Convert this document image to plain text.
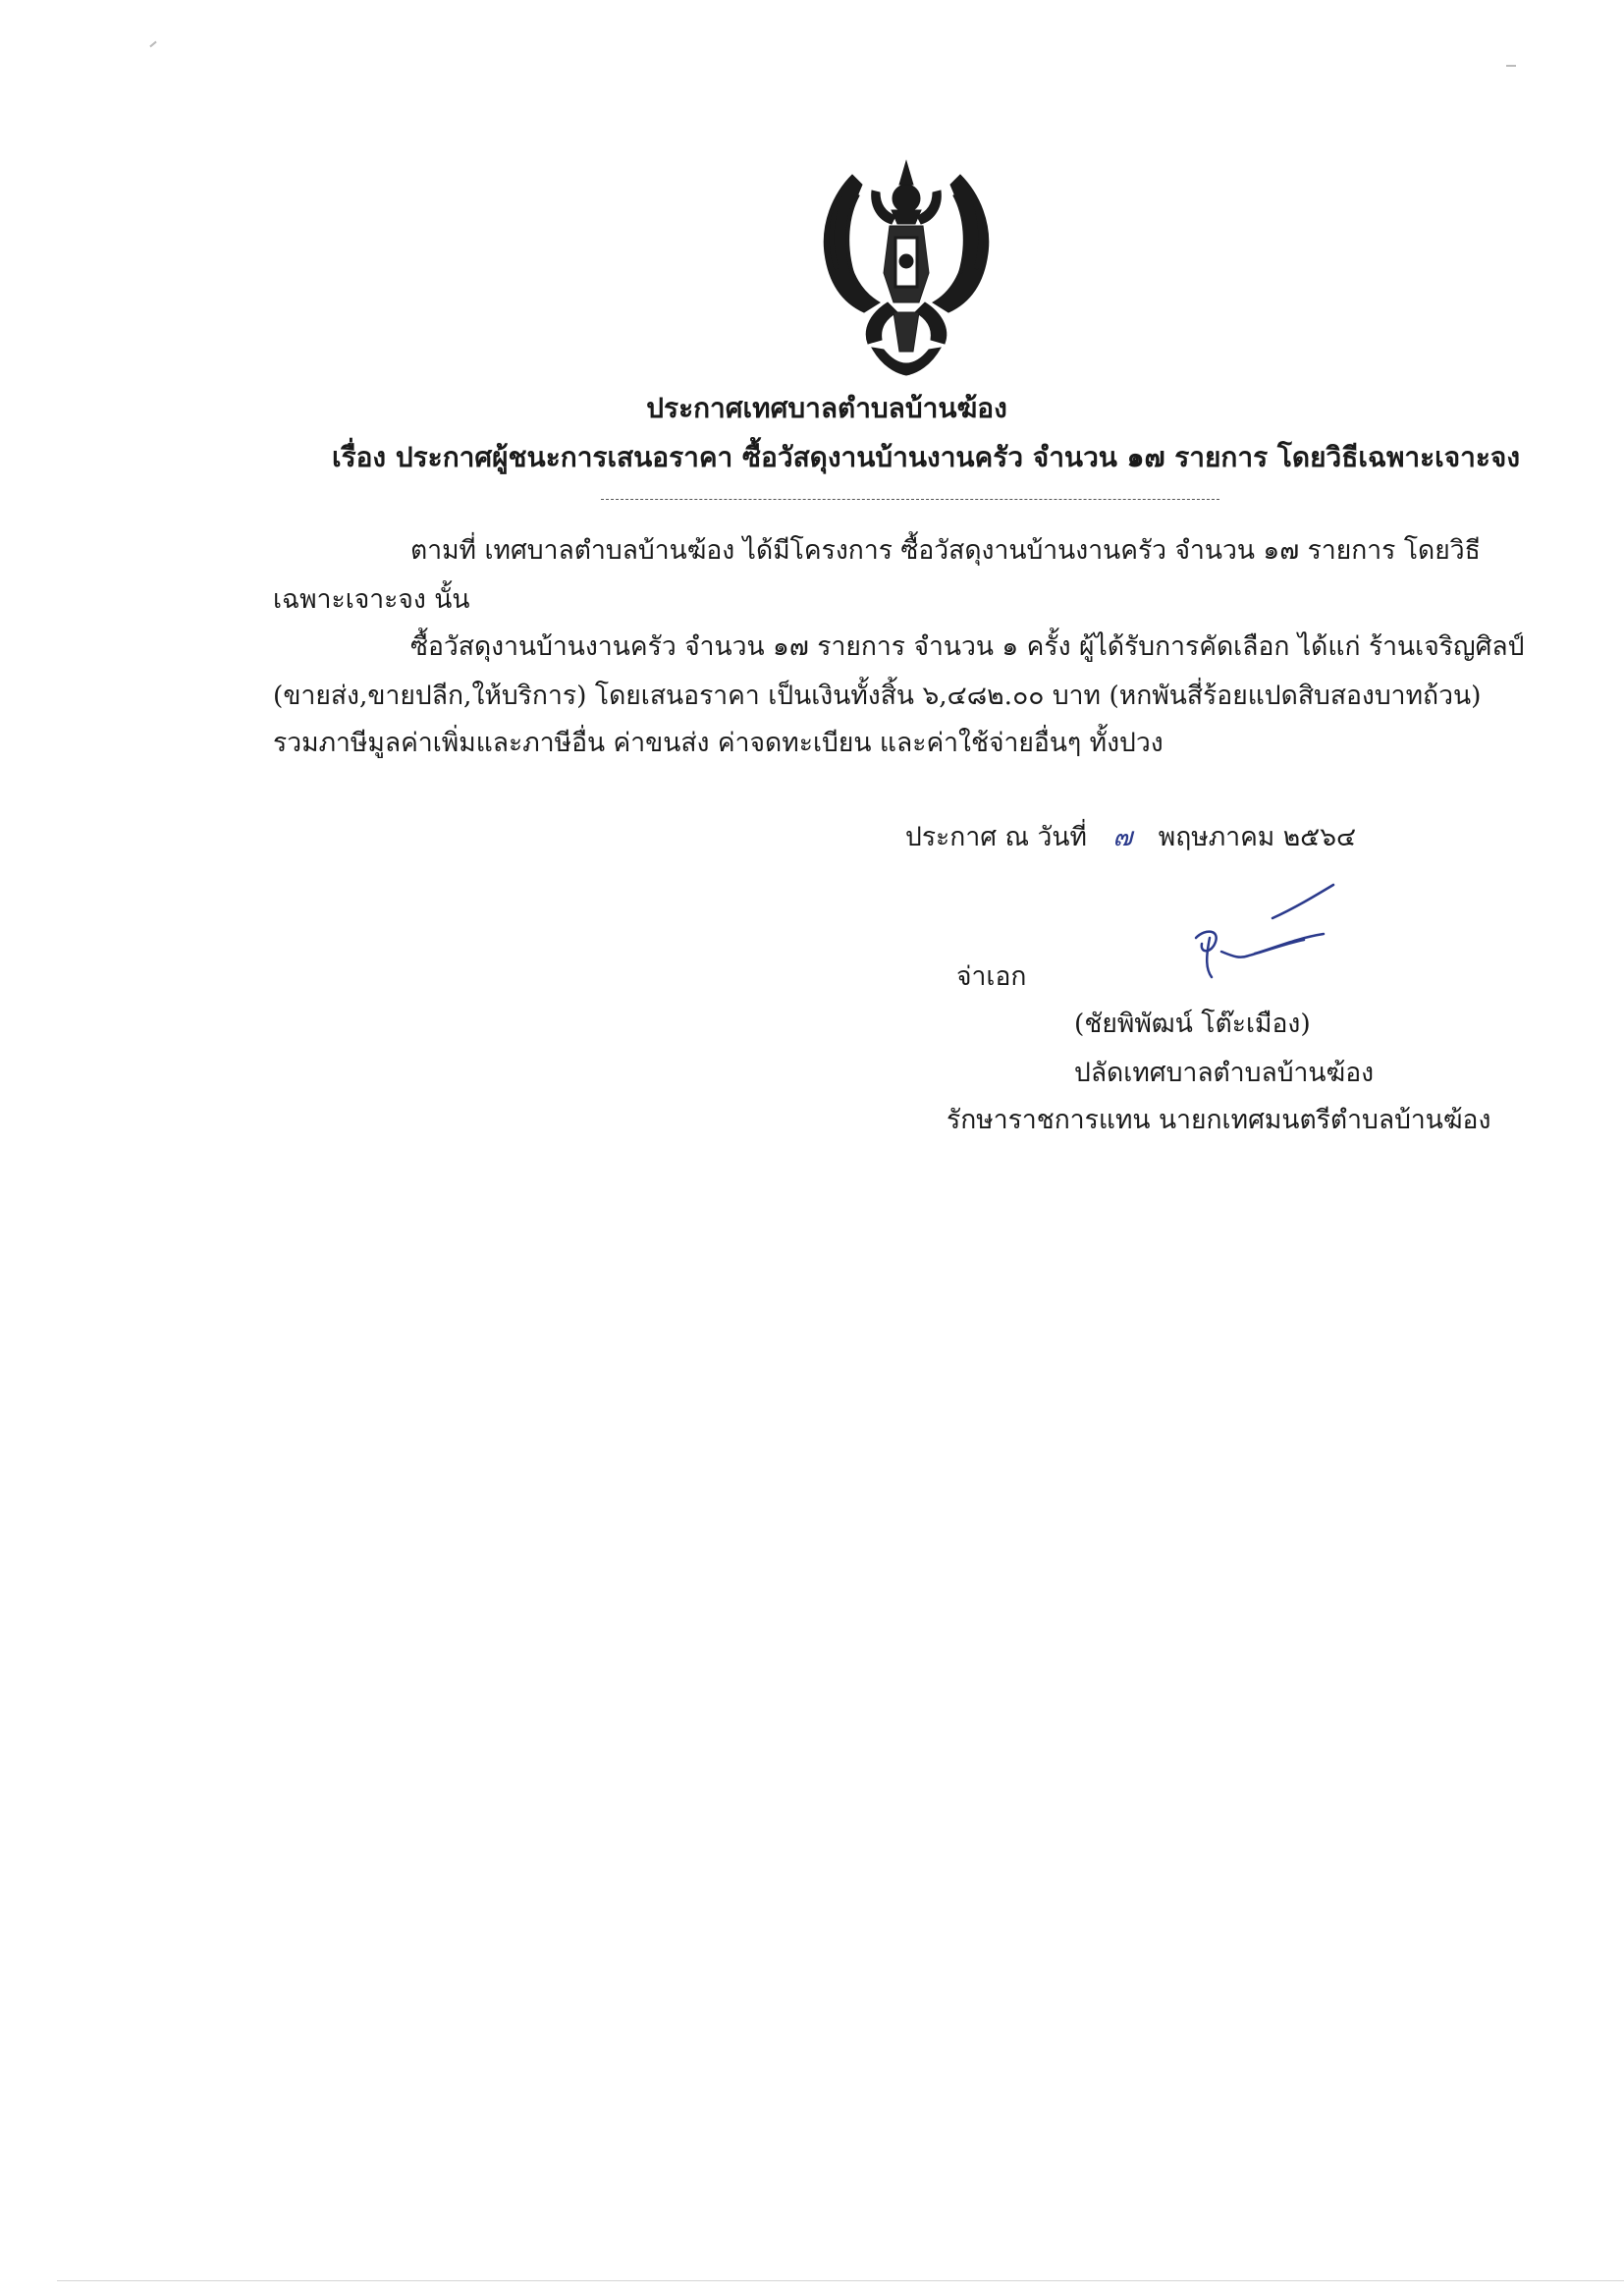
ประกาศเทศบาลตำบลบ้านฆ้อง
เรื่อง ประกาศผู้ชนะการเสนอราคา ซื้อวัสดุงานบ้านงานครัว จำนวน ๑๗ รายการ โดยวิธีเฉพาะเจาะจง
ตามที่ เทศบาลตำบลบ้านฆ้อง ได้มีโครงการ ซื้อวัสดุงานบ้านงานครัว จำนวน ๑๗ รายการ โดยวิธี
เฉพาะเจาะจง นั้น
ซื้อวัสดุงานบ้านงานครัว จำนวน ๑๗ รายการ จำนวน ๑ ครั้ง ผู้ได้รับการคัดเลือก ได้แก่ ร้านเจริญศิลป์
(ขายส่ง,ขายปลีก,ให้บริการ) โดยเสนอราคา เป็นเงินทั้งสิ้น ๖,๔๘๒.๐๐ บาท (หกพันสี่ร้อยแปดสิบสองบาทถ้วน)
รวมภาษีมูลค่าเพิ่มและภาษีอื่น ค่าขนส่ง ค่าจดทะเบียน และค่าใช้จ่ายอื่นๆ ทั้งปวง
ประกาศ ณ วันที่ ๗ พฤษภาคม ๒๕๖๔
จ่าเอก
(ชัยพิพัฒน์ โต๊ะเมือง)
ปลัดเทศบาลตำบลบ้านฆ้อง
รักษาราชการแทน นายกเทศมนตรีตำบลบ้านฆ้อง
